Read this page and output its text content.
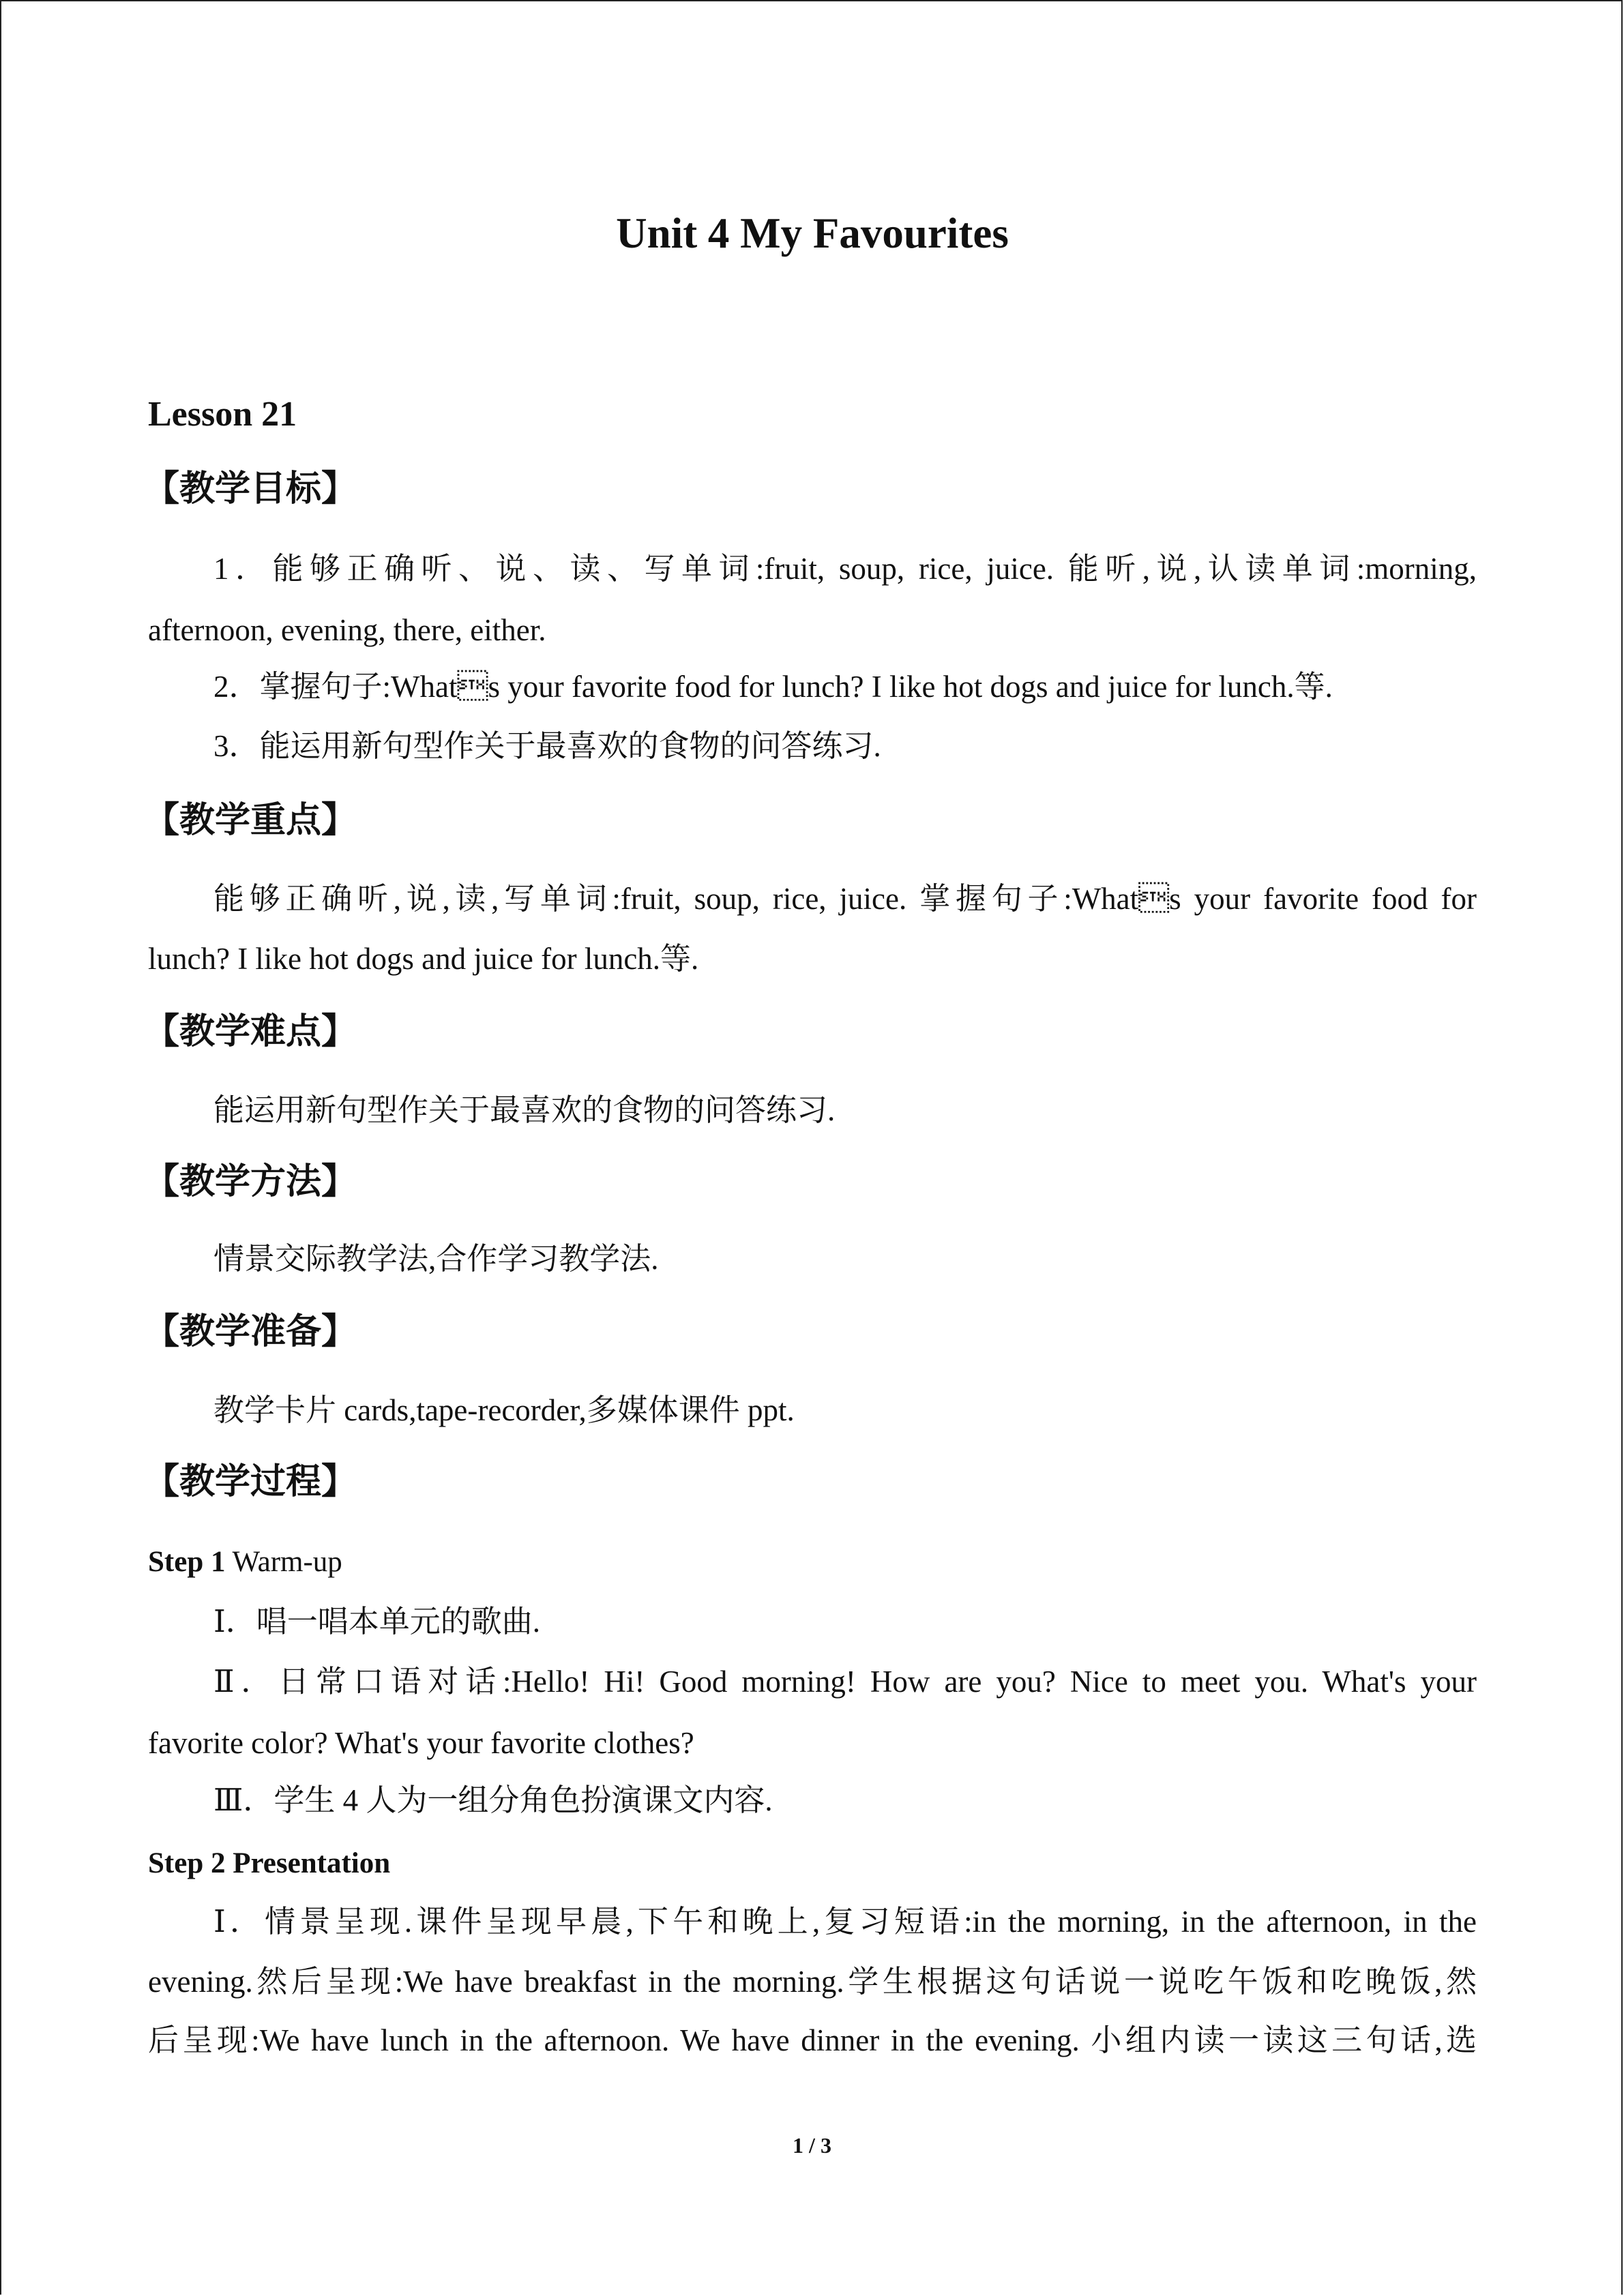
Unit 4 My Favourites
Lesson 21
【教学目标】
1．能够正确听、说、读、写单词:fruit, soup, rice, juice. 能听,说,认读单词:morning,
afternoon, evening, there, either.
2．掌握句子:Whats your favorite food for lunch? I like hot dogs and juice for lunch.等.
3．能运用新句型作关于最喜欢的食物的问答练习.
【教学重点】
能够正确听,说,读,写单词:fruit, soup, rice, juice. 掌握句子:Whats your favorite food for
lunch? I like hot dogs and juice for lunch.等.
【教学难点】
能运用新句型作关于最喜欢的食物的问答练习.
【教学方法】
情景交际教学法,合作学习教学法.
【教学准备】
教学卡片 cards,tape-recorder,多媒体课件 ppt.
【教学过程】
Step 1 Warm-up
Ⅰ．唱一唱本单元的歌曲.
Ⅱ．日常口语对话:Hello! Hi! Good morning! How are you? Nice to meet you. What's your
favorite color? What's your favorite clothes?
Ⅲ．学生 4 人为一组分角色扮演课文内容.
Step 2 Presentation
Ⅰ．情景呈现.课件呈现早晨,下午和晚上,复习短语:in the morning, in the afternoon, in the
evening.然后呈现:We have breakfast in the morning.学生根据这句话说一说吃午饭和吃晚饭,然
后呈现:We have lunch in the afternoon. We have dinner in the evening. 小组内读一读这三句话,选
1 / 3
